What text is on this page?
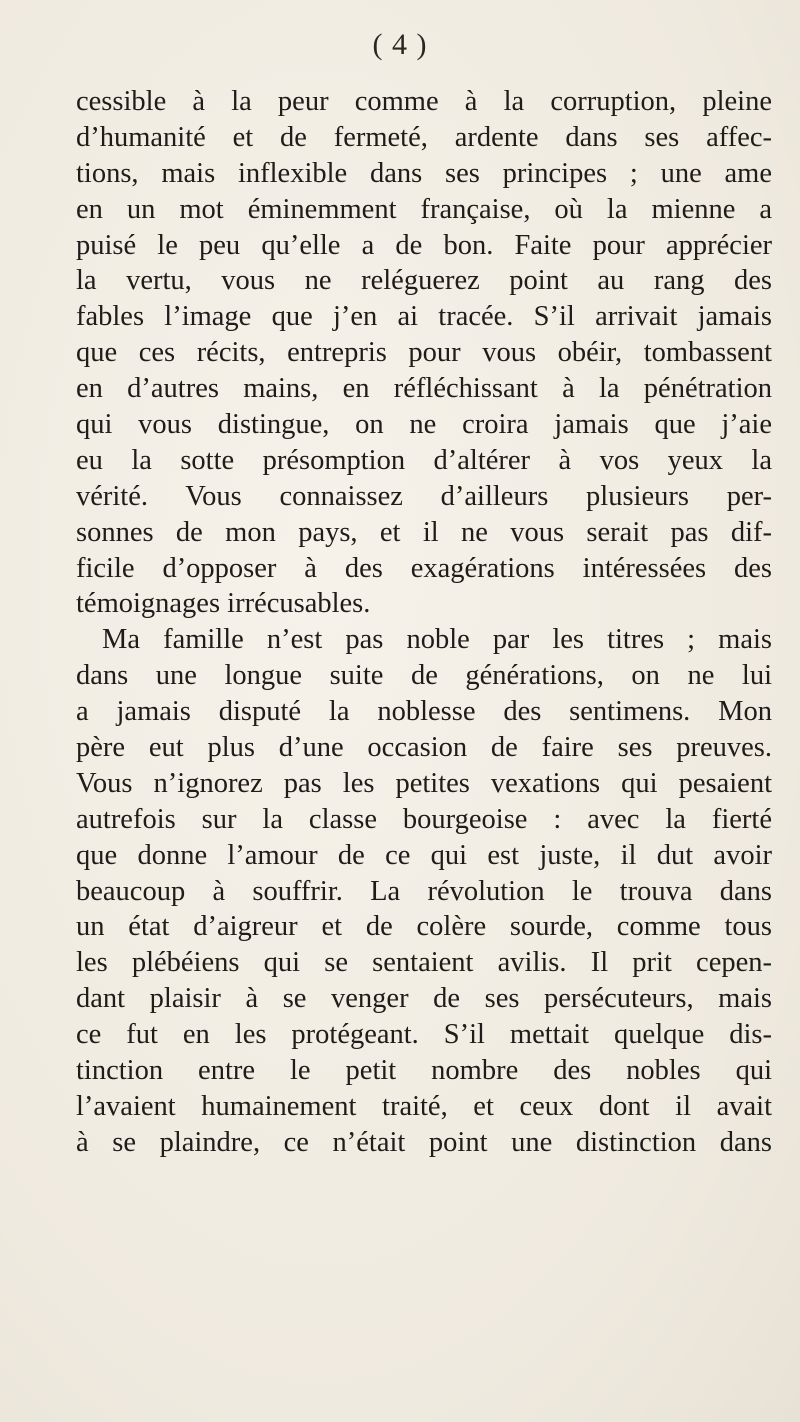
( 4 )
cessible à la peur comme à la corruption, pleine
d’humanité et de fermeté, ardente dans ses affec-
tions, mais inflexible dans ses principes ; une ame
en un mot éminemment française, où la mienne a
puisé le peu qu’elle a de bon. Faite pour apprécier
la vertu, vous ne reléguerez point au rang des
fables l’image que j’en ai tracée. S’il arrivait jamais
que ces récits, entrepris pour vous obéir, tombassent
en d’autres mains, en réfléchissant à la pénétration
qui vous distingue, on ne croira jamais que j’aie
eu la sotte présomption d’altérer à vos yeux la
vérité. Vous connaissez d’ailleurs plusieurs per-
sonnes de mon pays, et il ne vous serait pas dif-
ficile d’opposer à des exagérations intéressées des
témoignages irrécusables.
Ma famille n’est pas noble par les titres ; mais
dans une longue suite de générations, on ne lui
a jamais disputé la noblesse des sentimens. Mon
père eut plus d’une occasion de faire ses preuves.
Vous n’ignorez pas les petites vexations qui pesaient
autrefois sur la classe bourgeoise : avec la fierté
que donne l’amour de ce qui est juste, il dut avoir
beaucoup à souffrir. La révolution le trouva dans
un état d’aigreur et de colère sourde, comme tous
les plébéiens qui se sentaient avilis. Il prit cepen-
dant plaisir à se venger de ses persécuteurs, mais
ce fut en les protégeant. S’il mettait quelque dis-
tinction entre le petit nombre des nobles qui
l’avaient humainement traité, et ceux dont il avait
à se plaindre, ce n’était point une distinction dans
